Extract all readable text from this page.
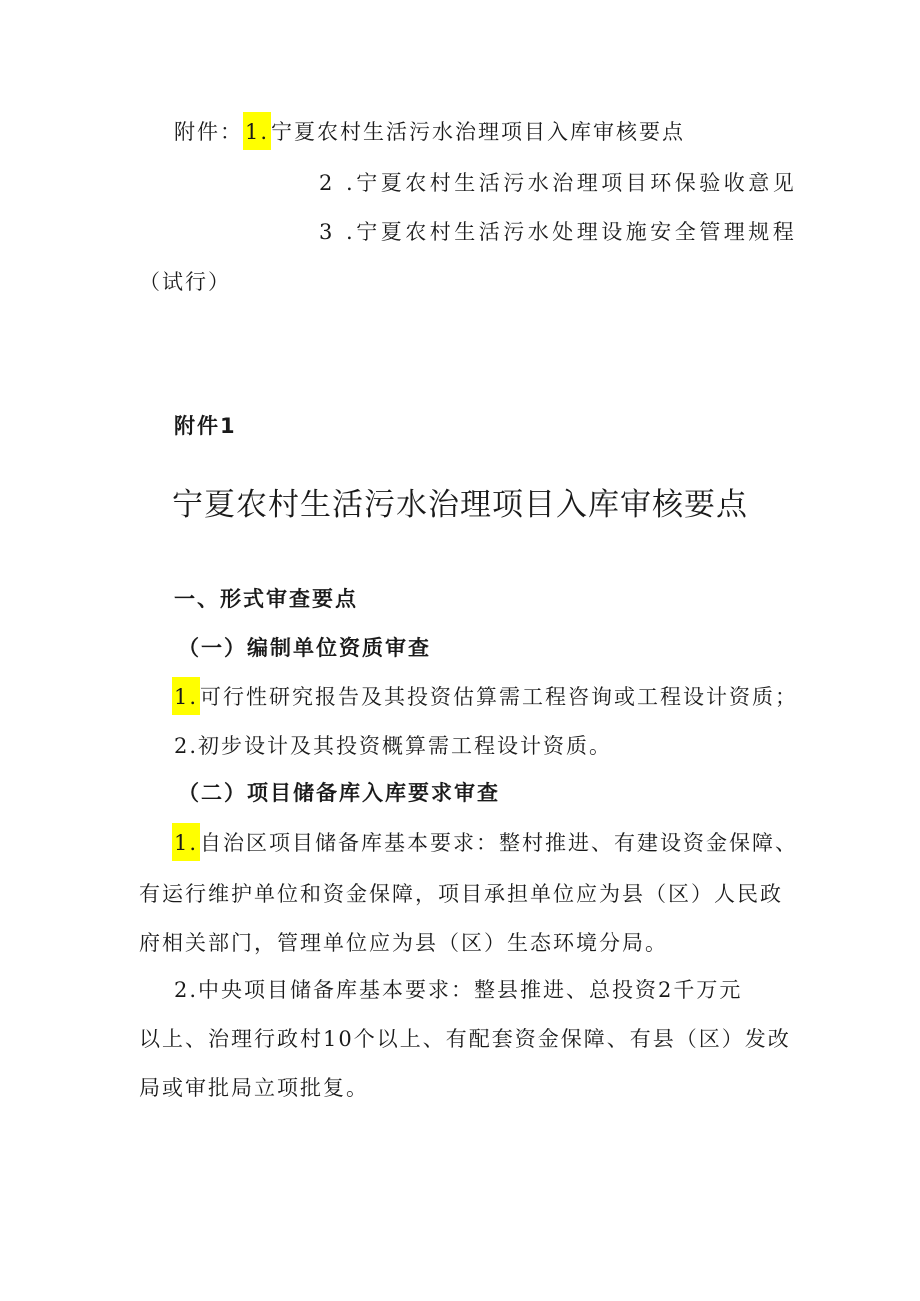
附件：1.宁夏农村生活污水治理项目入库审核要点
2 .宁夏农村生活污水治理项目环保验收意见
3 .宁夏农村生活污水处理设施安全管理规程
（试行）
附件1
宁夏农村生活污水治理项目入库审核要点
一、形式审查要点
（一）编制单位资质审查
1.可行性研究报告及其投资估算需工程咨询或工程设计资质；
2.初步设计及其投资概算需工程设计资质。
（二）项目储备库入库要求审查
1.自治区项目储备库基本要求：整村推进、有建设资金保障、
有运行维护单位和资金保障，项目承担单位应为县（区）人民政
府相关部门，管理单位应为县（区）生态环境分局。
2.中央项目储备库基本要求：整县推进、总投资2千万元
以上、治理行政村10个以上、有配套资金保障、有县（区）发改
局或审批局立项批复。
